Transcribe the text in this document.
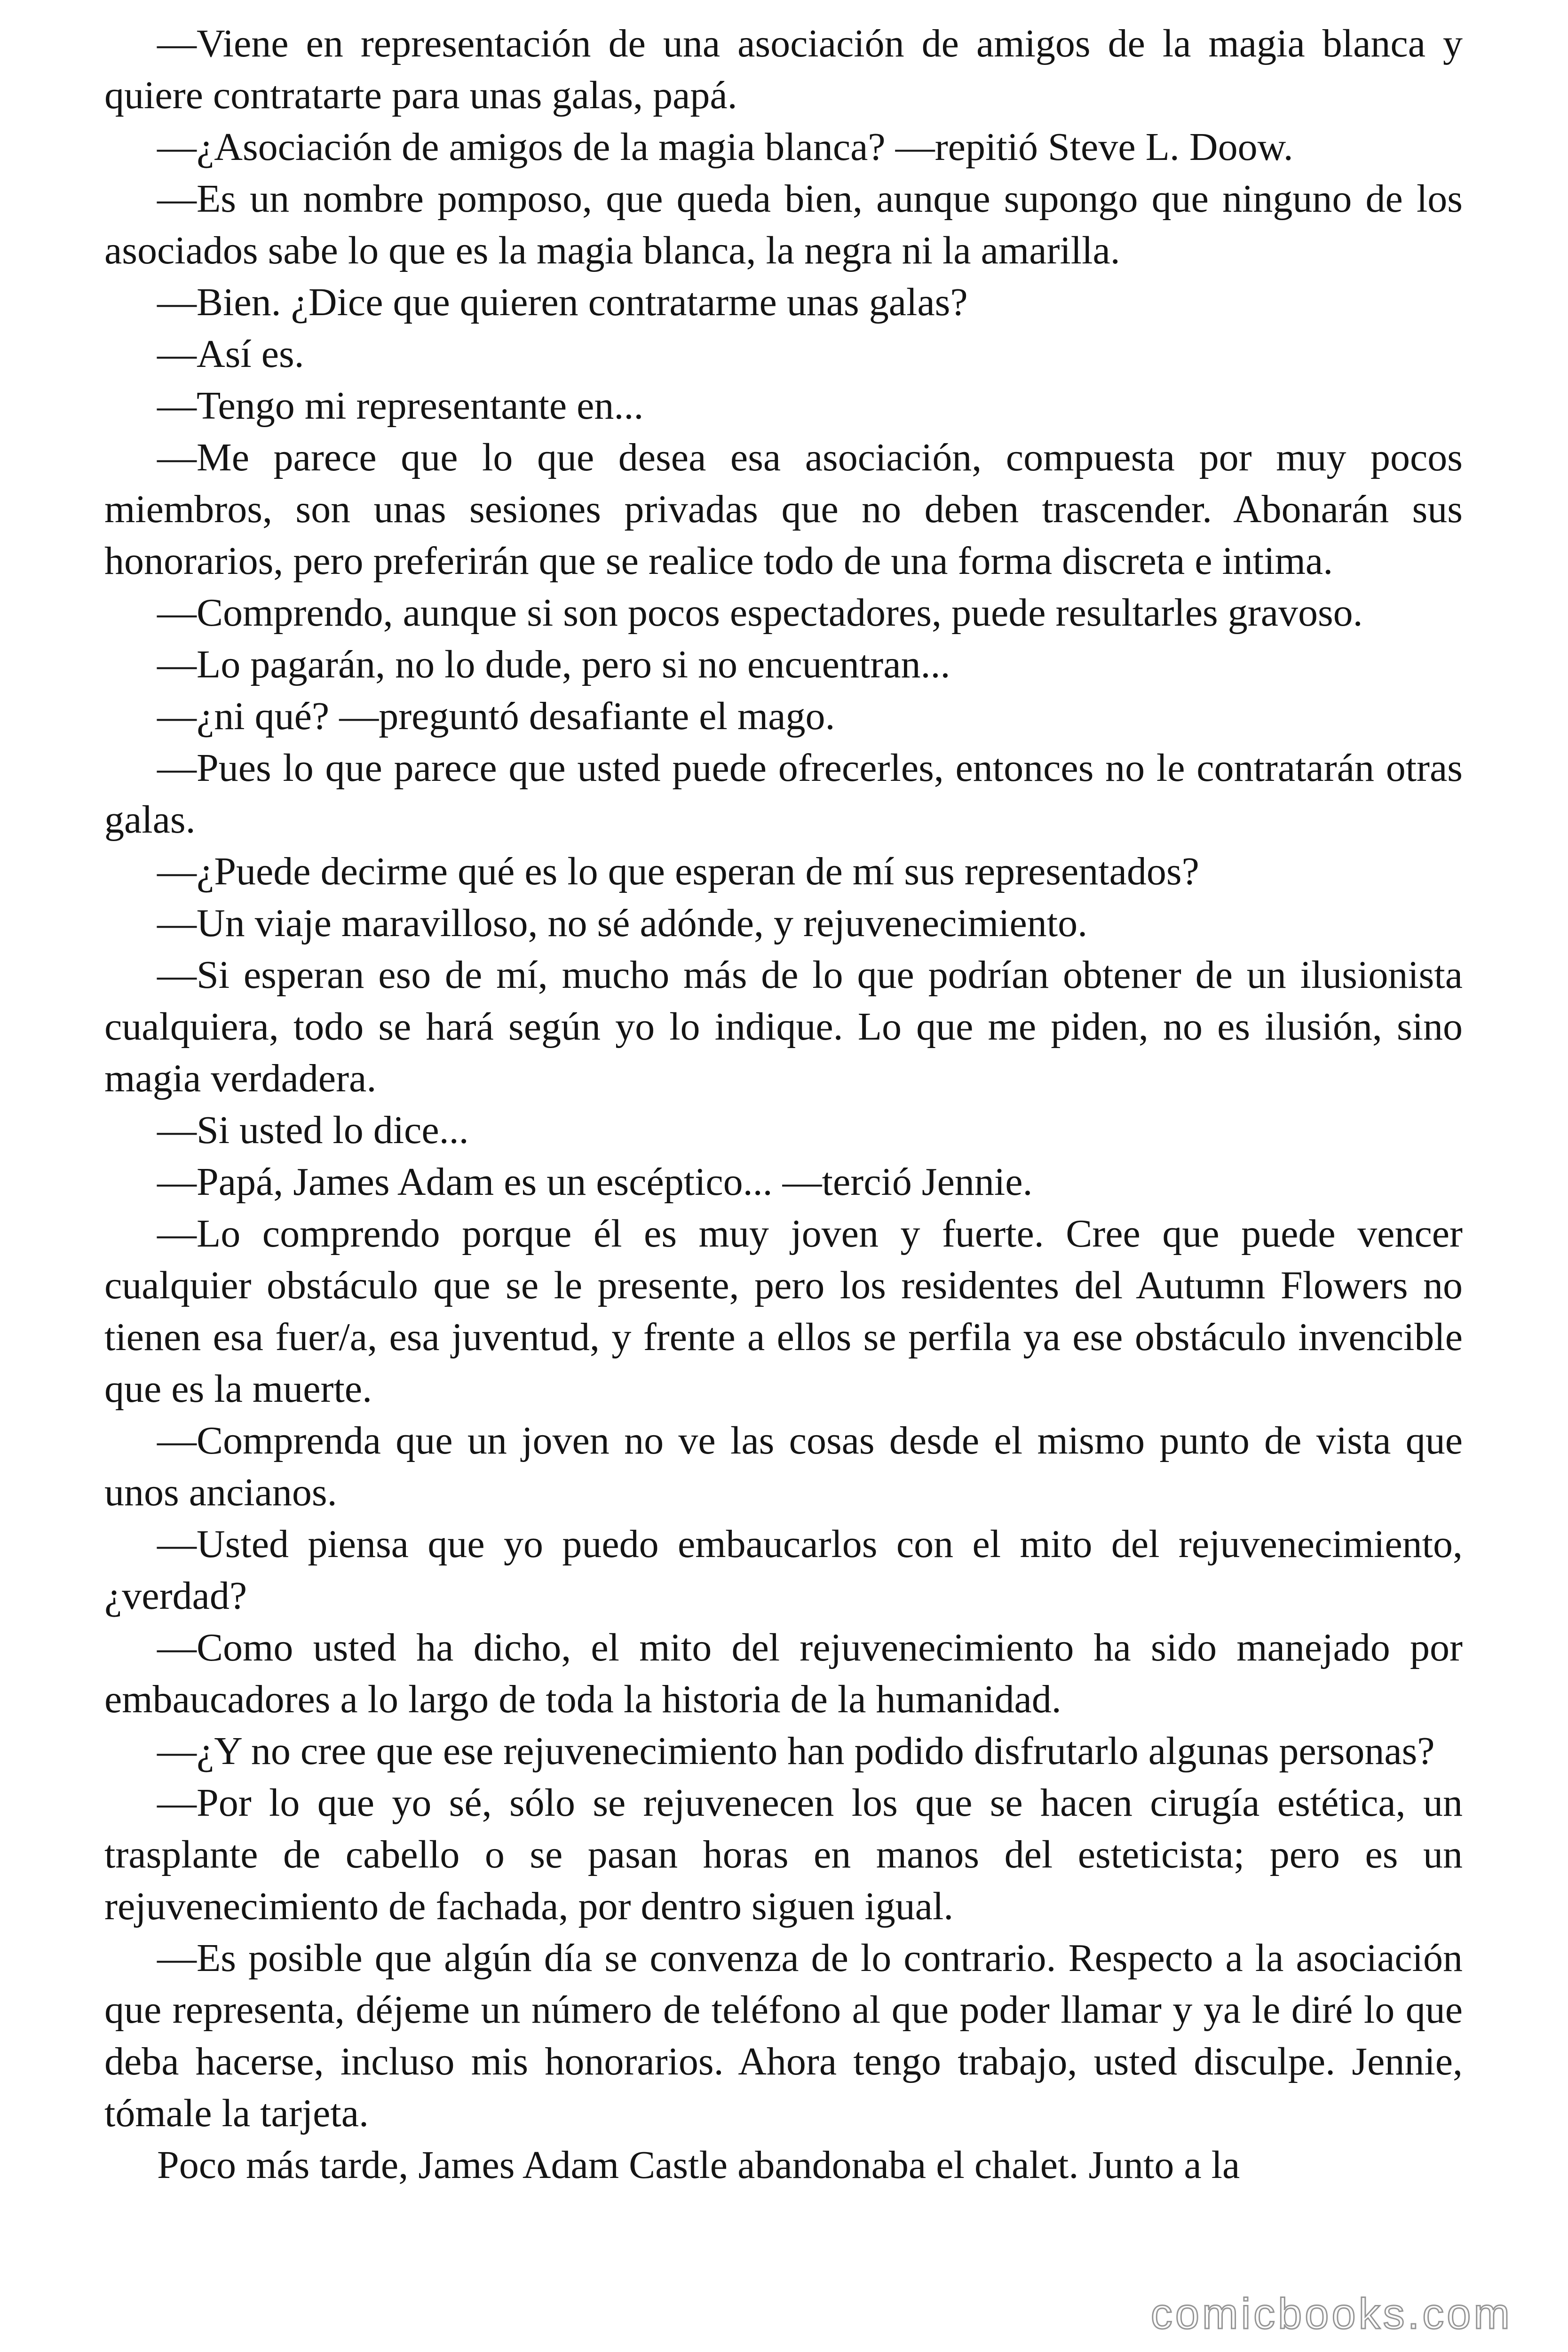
—Viene en representación de una asociación de amigos de la magia blanca y quiere contratarte para unas galas, papá.

—¿Asociación de amigos de la magia blanca? —repitió Steve L. Doow.

—Es un nombre pomposo, que queda bien, aunque supongo que ninguno de los asociados sabe lo que es la magia blanca, la negra ni la amarilla.

—Bien. ¿Dice que quieren contratarme unas galas?

—Así es.

—Tengo mi representante en...

—Me parece que lo que desea esa asociación, compuesta por muy pocos miembros, son unas sesiones privadas que no deben trascender. Abonarán sus honorarios, pero preferirán que se realice todo de una forma discreta e intima.

—Comprendo, aunque si son pocos espectadores, puede resultarles gravoso.

—Lo pagarán, no lo dude, pero si no encuentran...

—¿ni qué? —preguntó desafiante el mago.

—Pues lo que parece que usted puede ofrecerles, entonces no le contratarán otras galas.

—¿Puede decirme qué es lo que esperan de mí sus representados?

—Un viaje maravilloso, no sé adónde, y rejuvenecimiento.

—Si esperan eso de mí, mucho más de lo que podrían obtener de un ilusionista cualquiera, todo se hará según yo lo indique. Lo que me piden, no es ilusión, sino magia verdadera.

—Si usted lo dice...

—Papá, James Adam es un escéptico... —terció Jennie.

—Lo comprendo porque él es muy joven y fuerte. Cree que puede vencer cualquier obstáculo que se le presente, pero los residentes del Autumn Flowers no tienen esa fuer/a, esa juventud, y frente a ellos se perfila ya ese obstáculo invencible que es la muerte.

—Comprenda que un joven no ve las cosas desde el mismo punto de vista que unos ancianos.

—Usted piensa que yo puedo embaucarlos con el mito del rejuvenecimiento, ¿verdad?

—Como usted ha dicho, el mito del rejuvenecimiento ha sido manejado por embaucadores a lo largo de toda la historia de la humanidad.

—¿Y no cree que ese rejuvenecimiento han podido disfrutarlo algunas personas?

—Por lo que yo sé, sólo se rejuvenecen los que se hacen cirugía estética, un trasplante de cabello o se pasan horas en manos del esteticista; pero es un rejuvenecimiento de fachada, por dentro siguen igual.

—Es posible que algún día se convenza de lo contrario. Respecto a la asociación que representa, déjeme un número de teléfono al que poder llamar y ya le diré lo que deba hacerse, incluso mis honorarios. Ahora tengo trabajo, usted disculpe. Jennie, tómale la tarjeta.

Poco más tarde, James Adam Castle abandonaba el chalet. Junto a la

comicbooks.com
